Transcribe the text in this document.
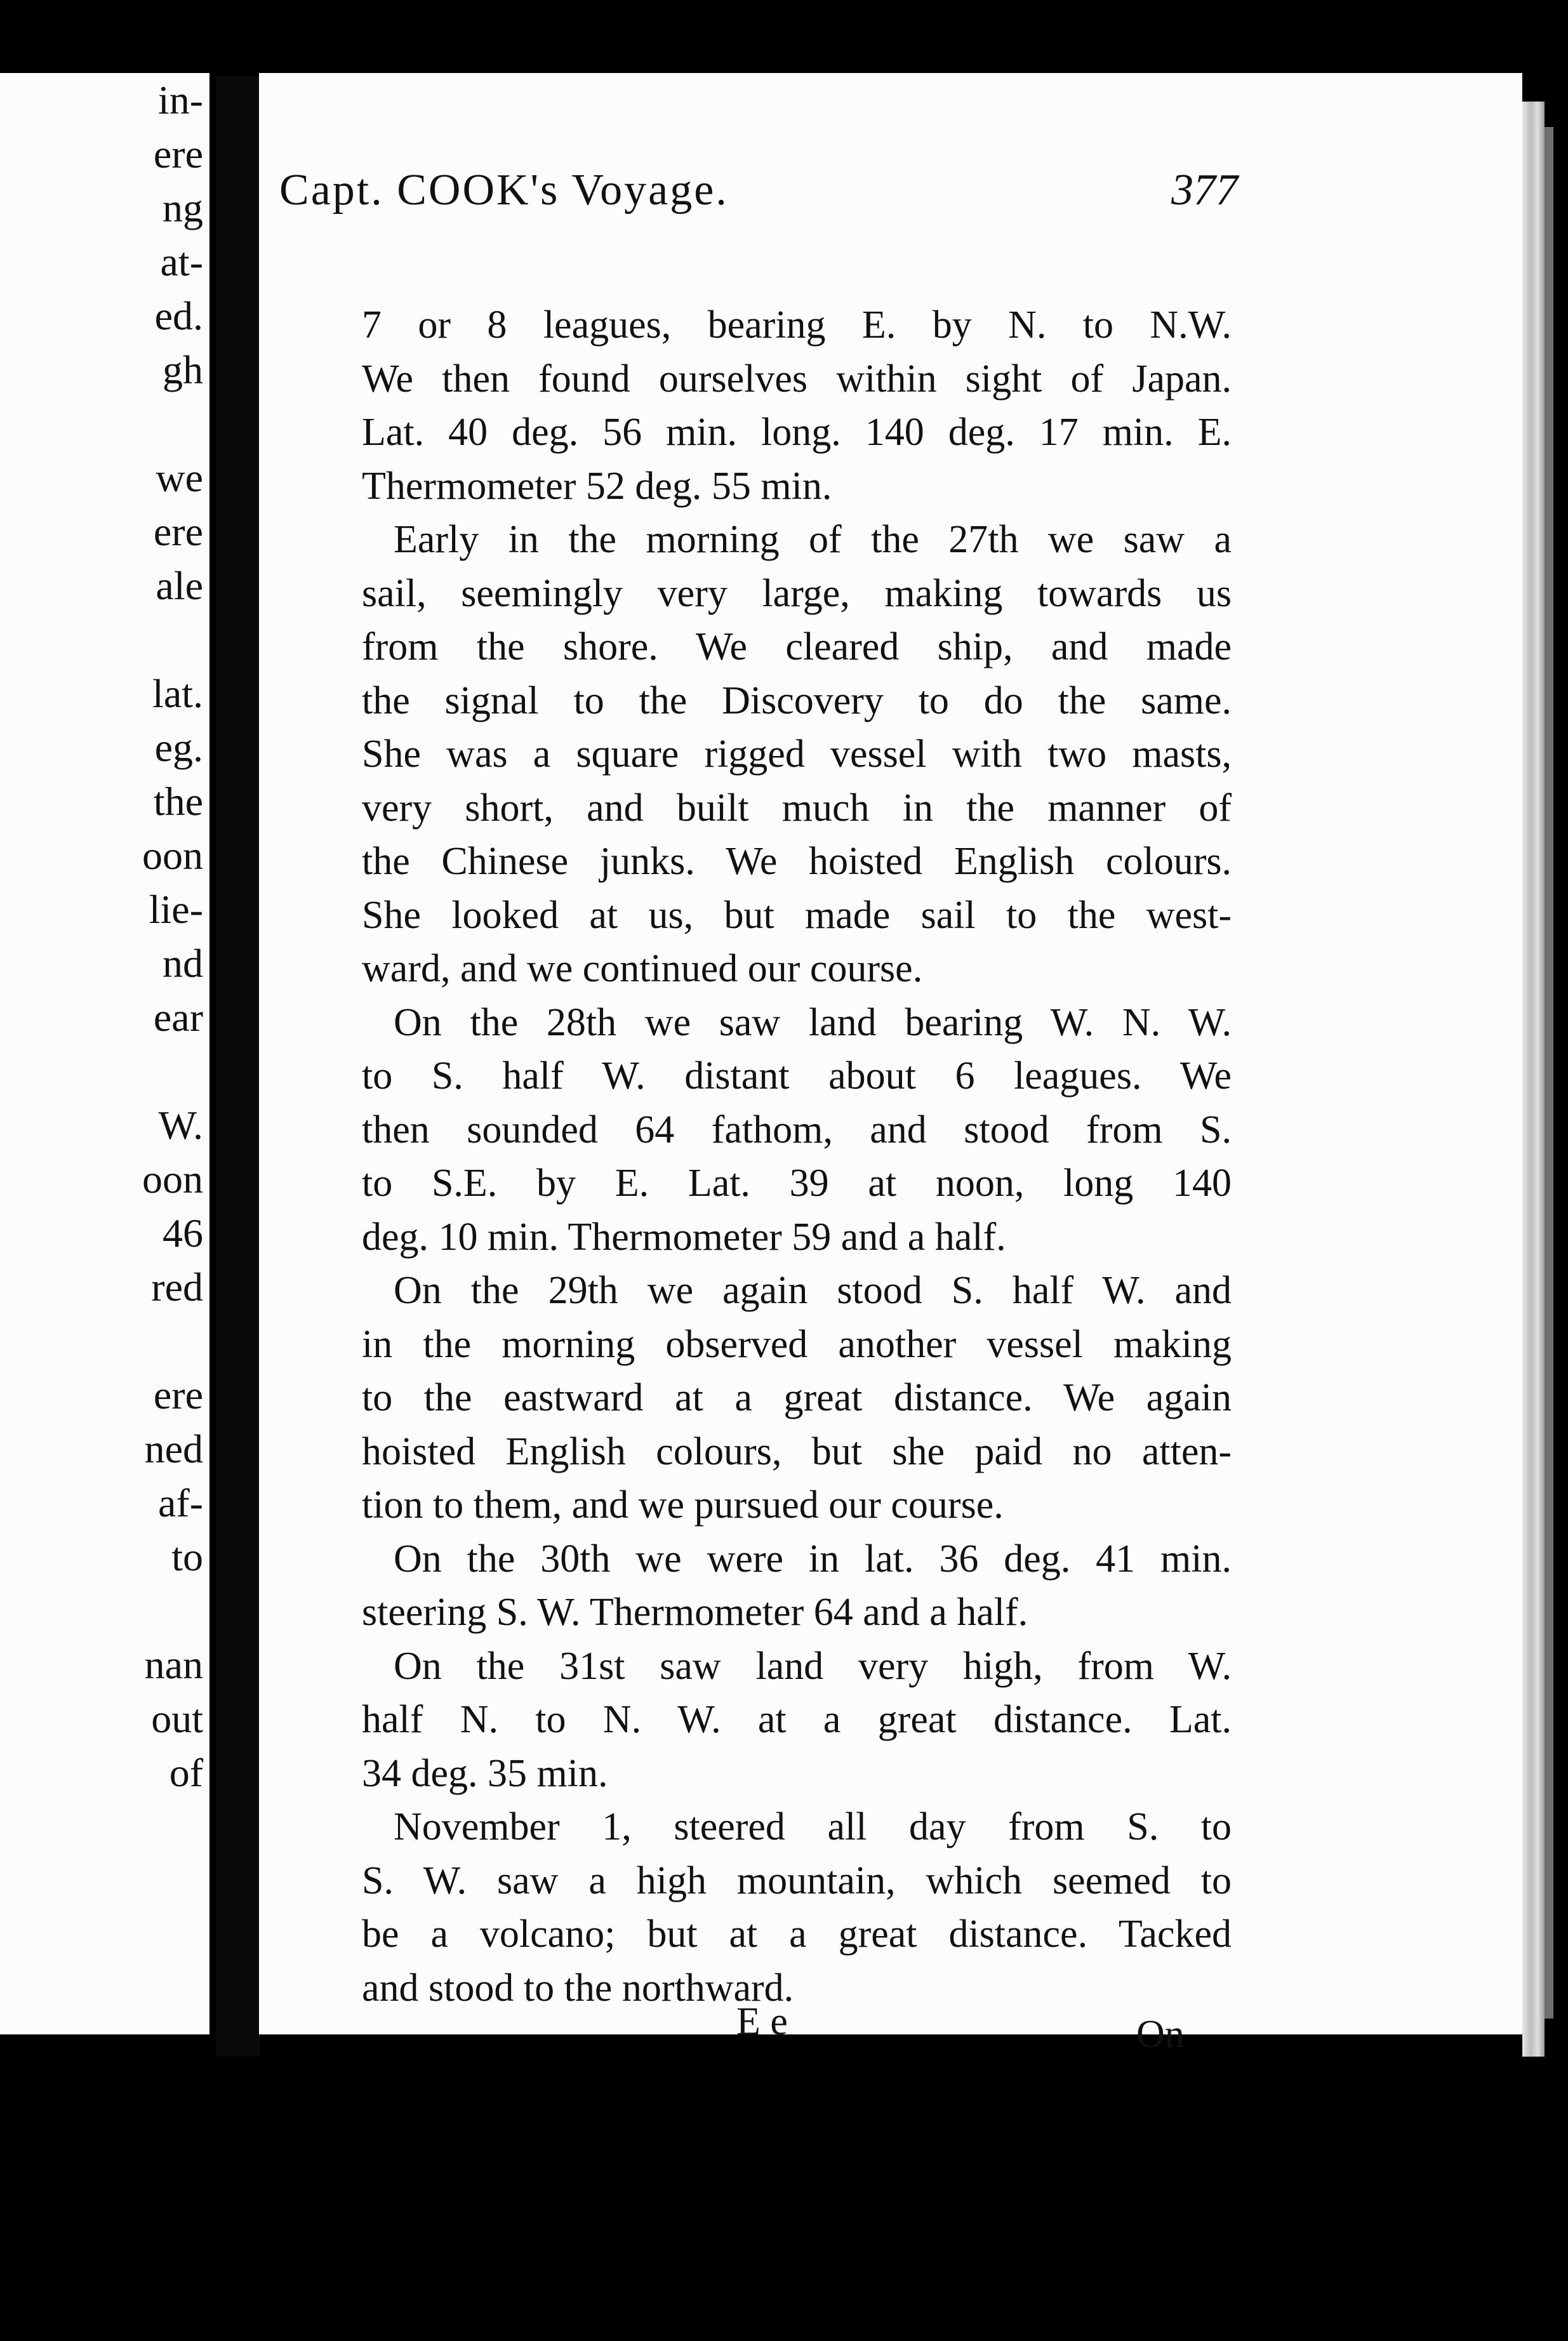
in-
ere
ng
at-
ed.
gh
we
ere
ale
lat.
eg.
the
oon
lie-
nd
ear
W.
oon
46
red
ere
ned
af-
to
nan
out
of
Capt. COOK's Voyage.	377
7 or 8 leagues, bearing E. by N. to N.W.
We then found ourselves within sight of Japan.
Lat. 40 deg. 56 min. long. 140 deg. 17 min. E.
Thermometer 52 deg. 55 min.
Early in the morning of the 27th we saw a
sail, seemingly very large, making towards us
from the shore. We cleared ship, and made
the signal to the Discovery to do the same.
She was a square rigged vessel with two masts,
very short, and built much in the manner of
the Chinese junks. We hoisted English colours.
She looked at us, but made sail to the west-
ward, and we continued our course.
On the 28th we saw land bearing W. N. W.
to S. half W. distant about 6 leagues. We
then sounded 64 fathom, and stood from S.
to S.E. by E. Lat. 39 at noon, long 140
deg. 10 min. Thermometer 59 and a half.
On the 29th we again stood S. half W. and
in the morning observed another vessel making
to the eastward at a great distance. We again
hoisted English colours, but she paid no atten-
tion to them, and we pursued our course.
On the 30th we were in lat. 36 deg. 41 min.
steering S. W. Thermometer 64 and a half.
On the 31st saw land very high, from W.
half N. to N. W. at a great distance. Lat.
34 deg. 35 min.
November 1, steered all day from S. to
S. W. saw a high mountain, which seemed to
be a volcano; but at a great distance. Tacked
and stood to the northward.
E e	On
